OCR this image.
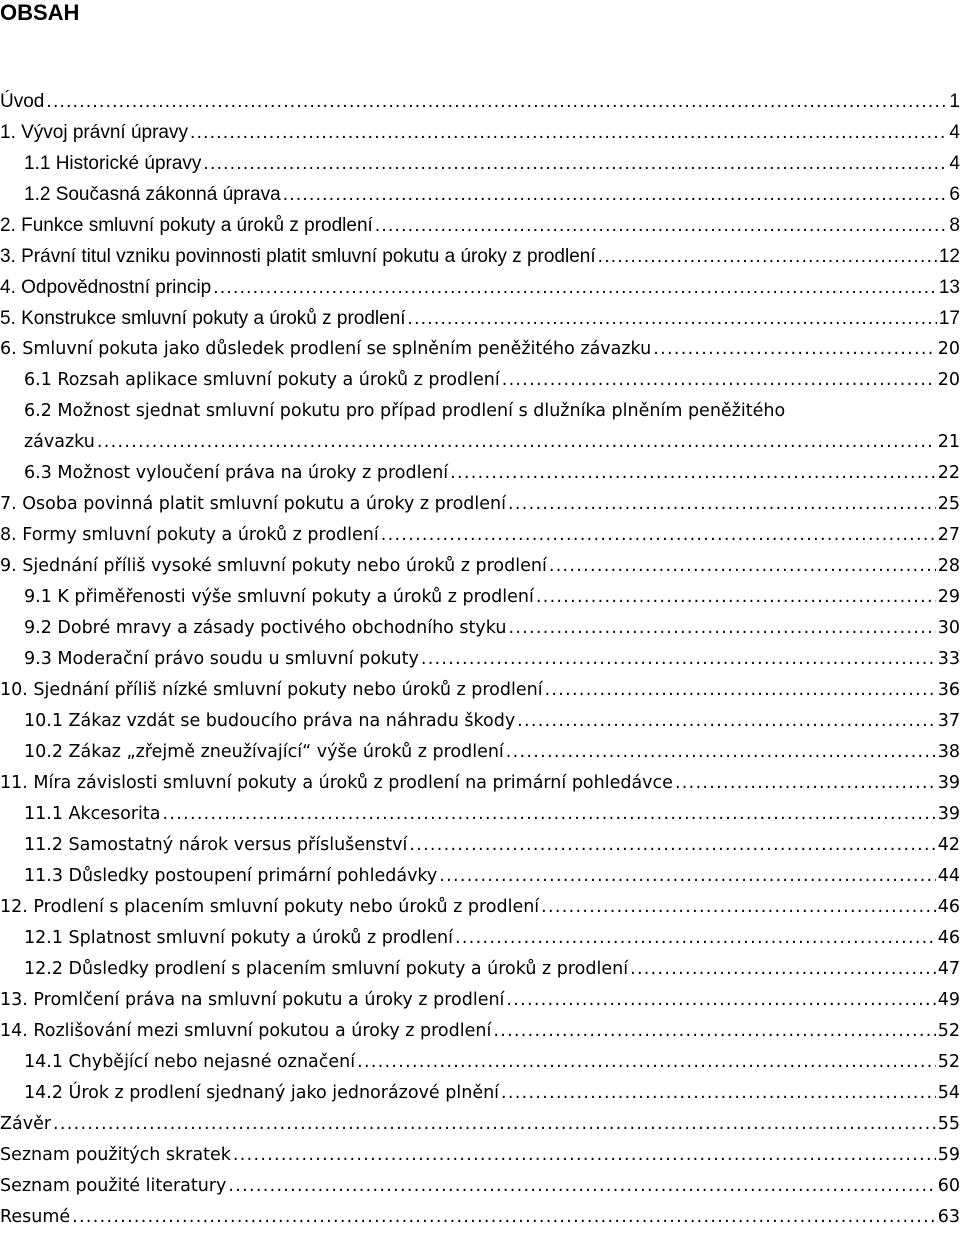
OBSAH
Úvod .....	1
1. Vývoj právní úpravy .....	4
1.1 Historické úpravy .....	4
1.2 Současná zákonná úprava .....	6
2. Funkce smluvní pokuty a úroků z prodlení .....	8
3. Právní titul vzniku povinnosti platit smluvní pokutu a úroky z prodlení .....	12
4. Odpovědnostní princip .....	13
5. Konstrukce smluvní pokuty a úroků z prodlení .....	17
6. Smluvní pokuta jako důsledek prodlení se splněním peněžitého závazku .....	20
6.1 Rozsah aplikace smluvní pokuty a úroků z prodlení .....	20
6.2 Možnost sjednat smluvní pokutu pro případ prodlení s dlužníka plněním peněžitého
závazku .....	21
6.3 Možnost vyloučení práva na úroky z prodlení .....	22
7. Osoba povinná platit smluvní pokutu a úroky z prodlení .....	25
8. Formy smluvní pokuty a úroků z prodlení .....	27
9. Sjednání příliš vysoké smluvní pokuty nebo úroků z prodlení .....	28
9.1 K přiměřenosti výše smluvní pokuty a úroků z prodlení .....	29
9.2 Dobré mravy a zásady poctivého obchodního styku .....	30
9.3 Moderační právo soudu u smluvní pokuty .....	33
10. Sjednání příliš nízké smluvní pokuty nebo úroků z prodlení .....	36
10.1 Zákaz vzdát se budoucího práva na náhradu škody .....	37
10.2 Zákaz „zřejmě zneužívající“ výše úroků z prodlení .....	38
11. Míra závislosti smluvní pokuty a úroků z prodlení na primární pohledávce .....	39
11.1 Akcesorita .....	39
11.2 Samostatný nárok versus příslušenství .....	42
11.3 Důsledky postoupení primární pohledávky .....	44
12. Prodlení s placením smluvní pokuty nebo úroků z prodlení .....	46
12.1 Splatnost smluvní pokuty a úroků z prodlení .....	46
12.2 Důsledky prodlení s placením smluvní pokuty a úroků z prodlení .....	47
13. Promlčení práva na smluvní pokutu a úroky z prodlení .....	49
14. Rozlišování mezi smluvní pokutou a úroky z prodlení .....	52
14.1 Chybějící nebo nejasné označení .....	52
14.2 Úrok z prodlení sjednaný jako jednorázové plnění .....	54
Závěr .....	55
Seznam použitých skratek .....	59
Seznam použité literatury .....	60
Resumé .....	63
